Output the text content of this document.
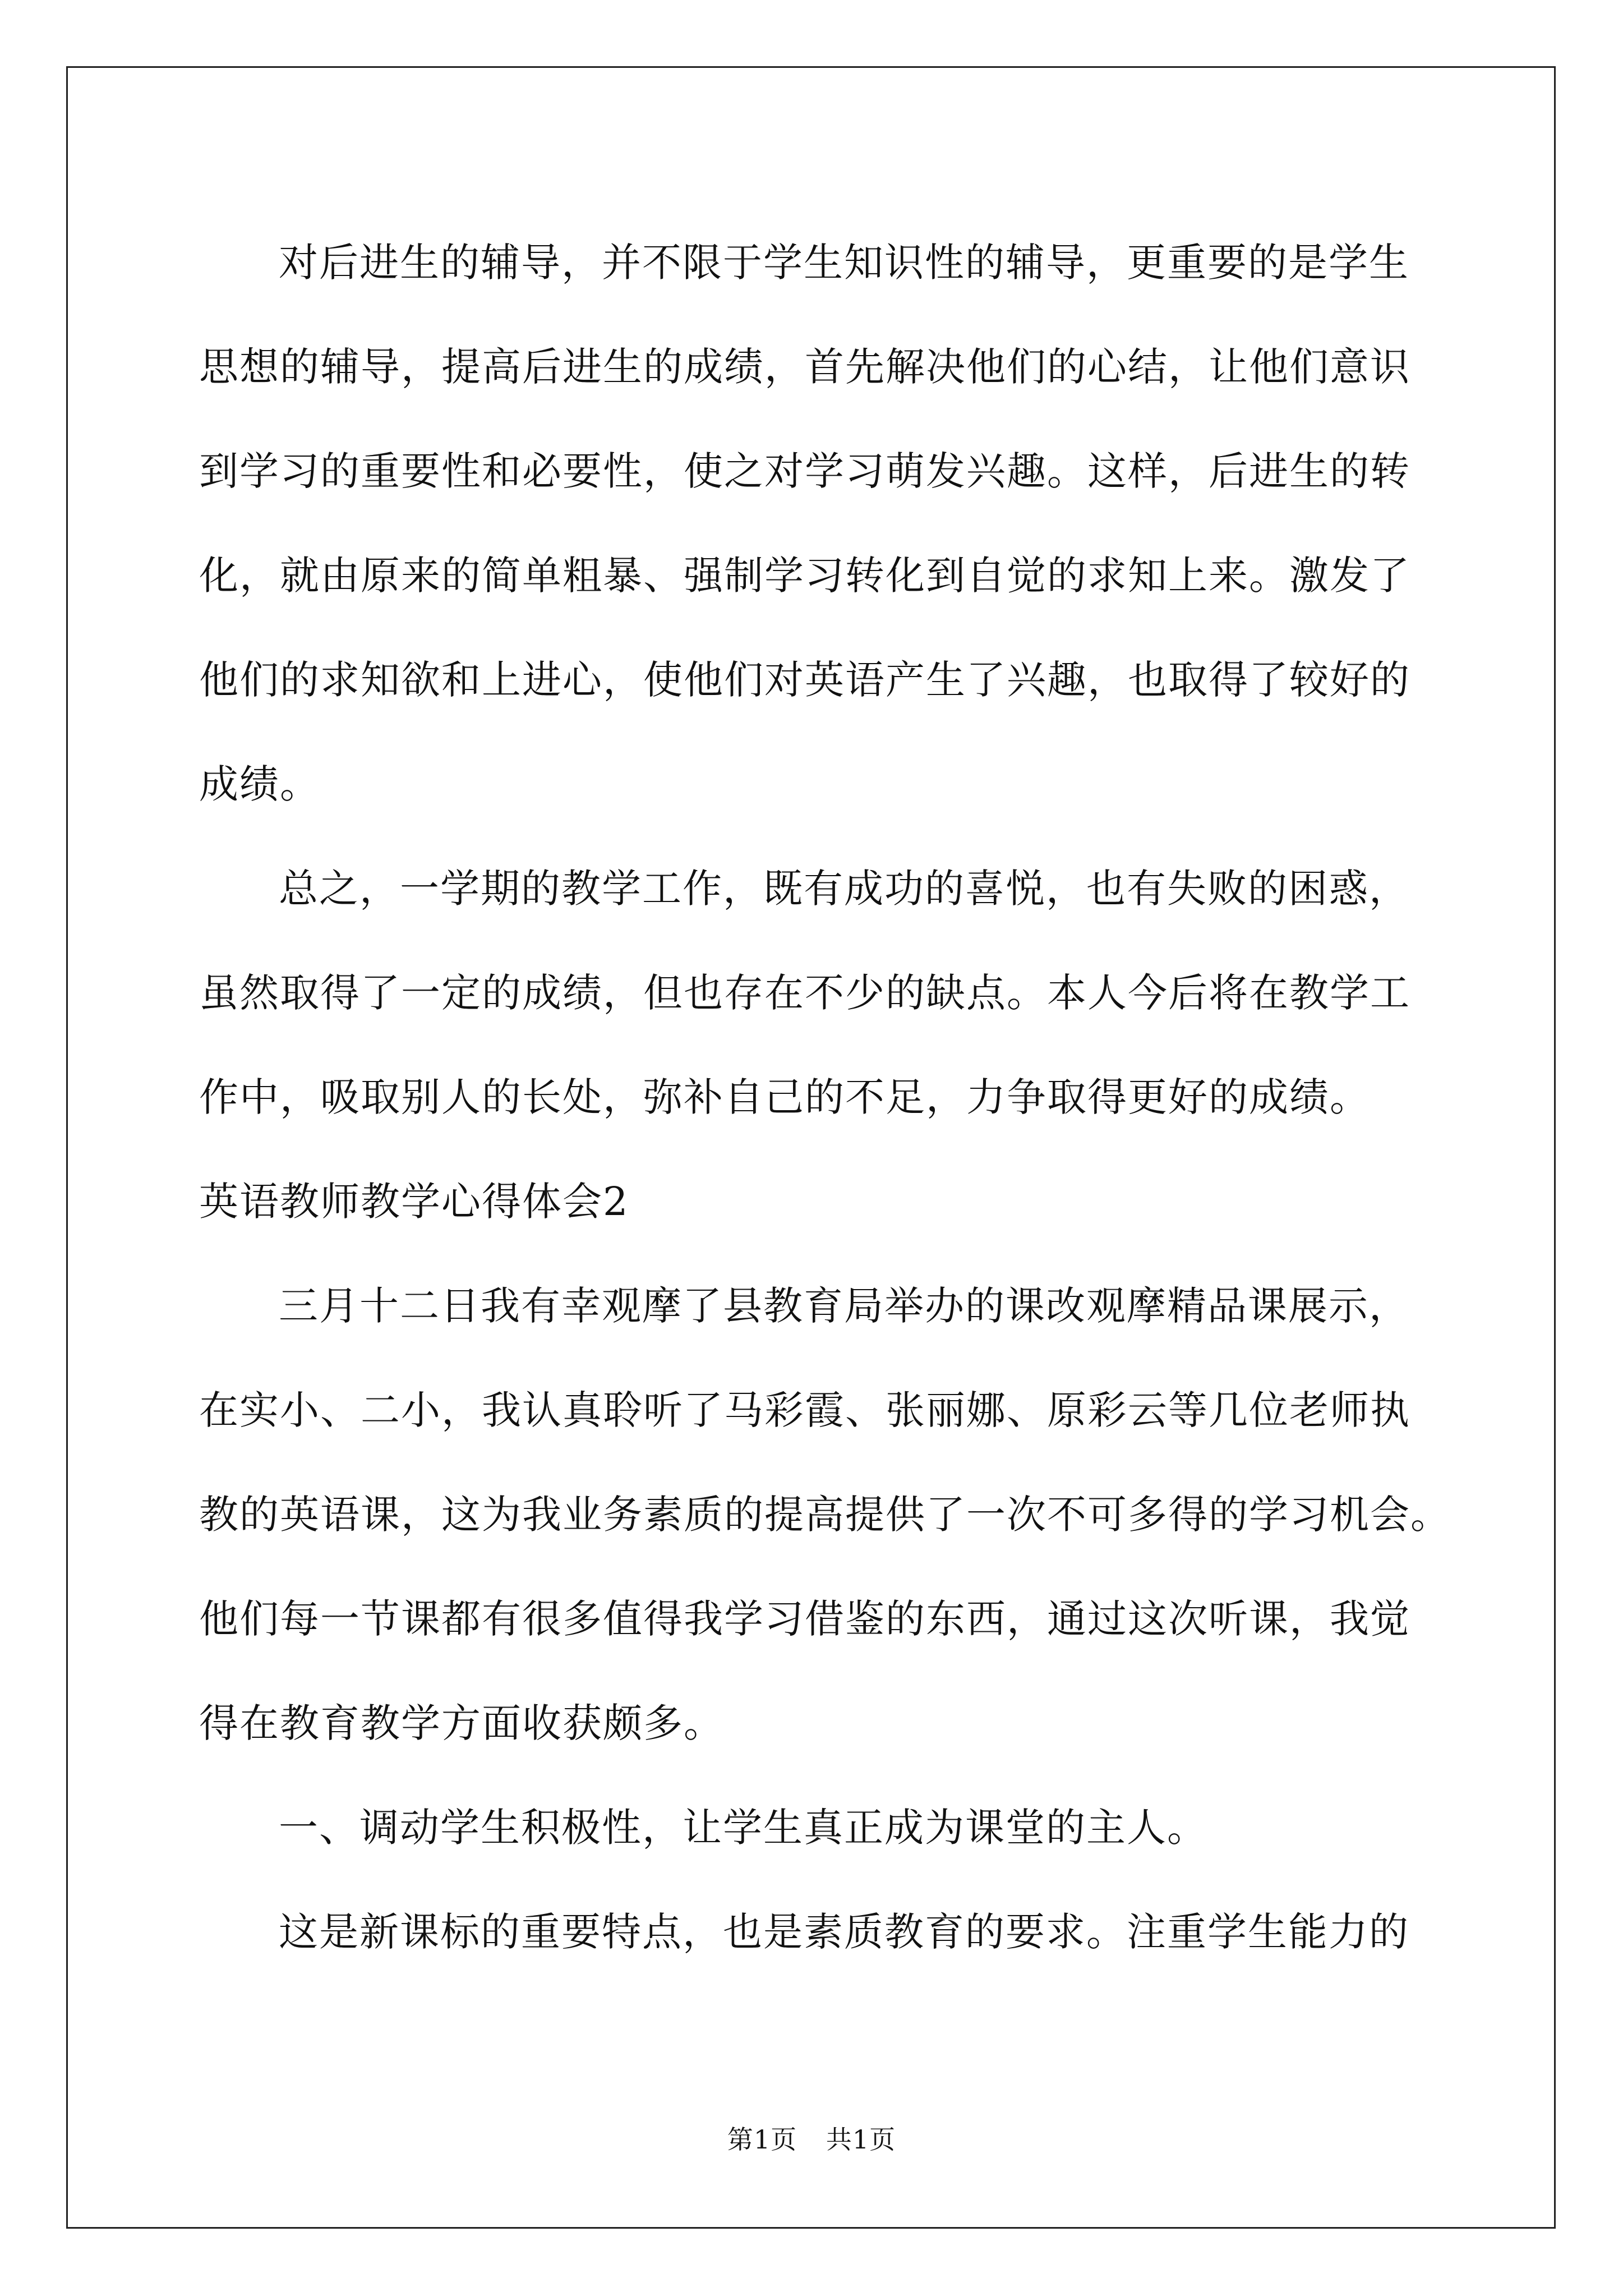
对后进生的辅导，并不限于学生知识性的辅导，更重要的是学生
思想的辅导，提高后进生的成绩，首先解决他们的心结，让他们意识
到学习的重要性和必要性，使之对学习萌发兴趣。这样，后进生的转
化，就由原来的简单粗暴、强制学习转化到自觉的求知上来。激发了
他们的求知欲和上进心，使他们对英语产生了兴趣，也取得了较好的
成绩。
总之，一学期的教学工作，既有成功的喜悦，也有失败的困惑，
虽然取得了一定的成绩，但也存在不少的缺点。本人今后将在教学工
作中，吸取别人的长处，弥补自己的不足，力争取得更好的成绩。
英语教师教学心得体会2
三月十二日我有幸观摩了县教育局举办的课改观摩精品课展示，
在实小、二小，我认真聆听了马彩霞、张丽娜、原彩云等几位老师执
教的英语课，这为我业务素质的提高提供了一次不可多得的学习机会。
他们每一节课都有很多值得我学习借鉴的东西，通过这次听课，我觉
得在教育教学方面收获颇多。
一、调动学生积极性，让学生真正成为课堂的主人。
这是新课标的重要特点，也是素质教育的要求。注重学生能力的
第1页 共1页
